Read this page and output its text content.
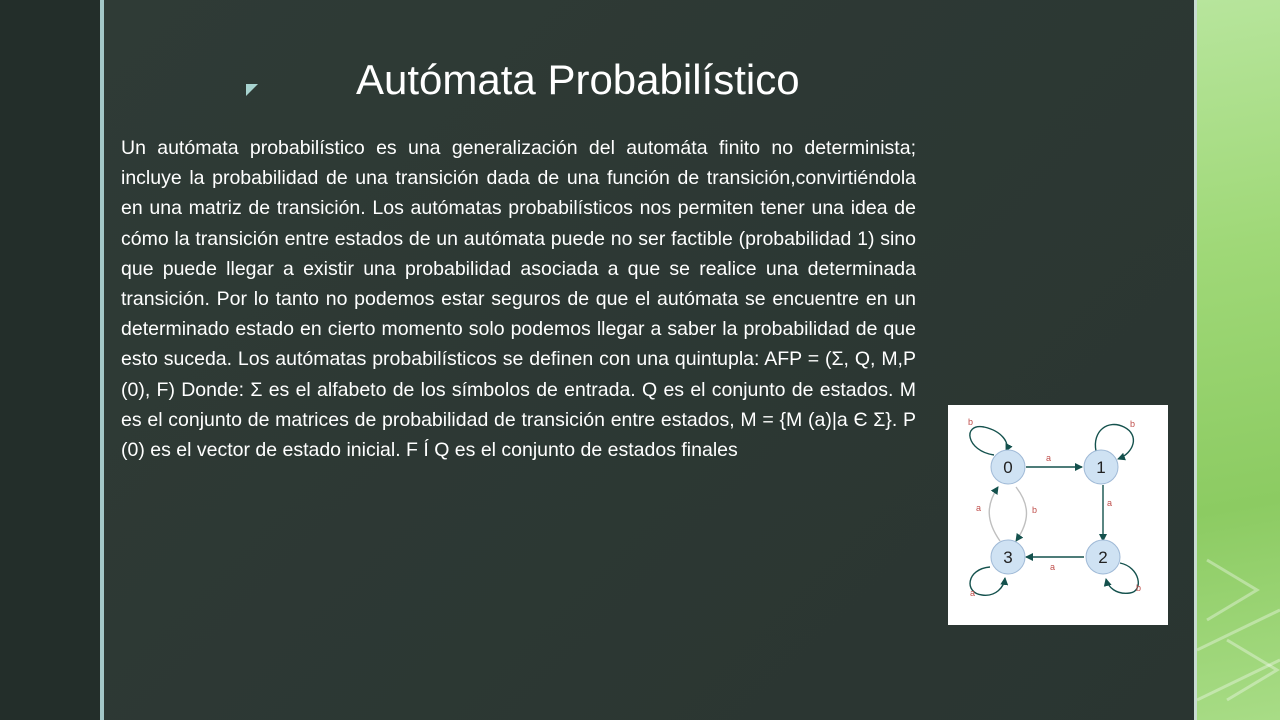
Autómata Probabilístico

Un autómata probabilístico es una generalización del automáta finito no determinista; incluye la probabilidad de una transición dada de una función de transición,convirtiéndola en una matriz de transición. Los autómatas probabilísticos nos permiten tener una idea de cómo la transición entre estados de un autómata puede no ser factible (probabilidad 1) sino que puede llegar a existir una probabilidad asociada a que se realice una determinada transición. Por lo tanto no podemos estar seguros de que el autómata se encuentre en un determinado estado en cierto momento solo podemos llegar a saber la probabilidad de que esto suceda. Los autómatas probabilísticos se definen con una quintupla: AFP = (Σ, Q, M,P (0), F) Donde: Σ es el alfabeto de los símbolos de entrada. Q es el conjunto de estados. M es el conjunto de matrices de probabilidad de transición entre estados, M = {M (a)|a Є Σ}. P (0) es el vector de estado inicial. F Í Q es el conjunto de estados finales

0	1
2
3
b
a
b
a
b
a
a	b
a
